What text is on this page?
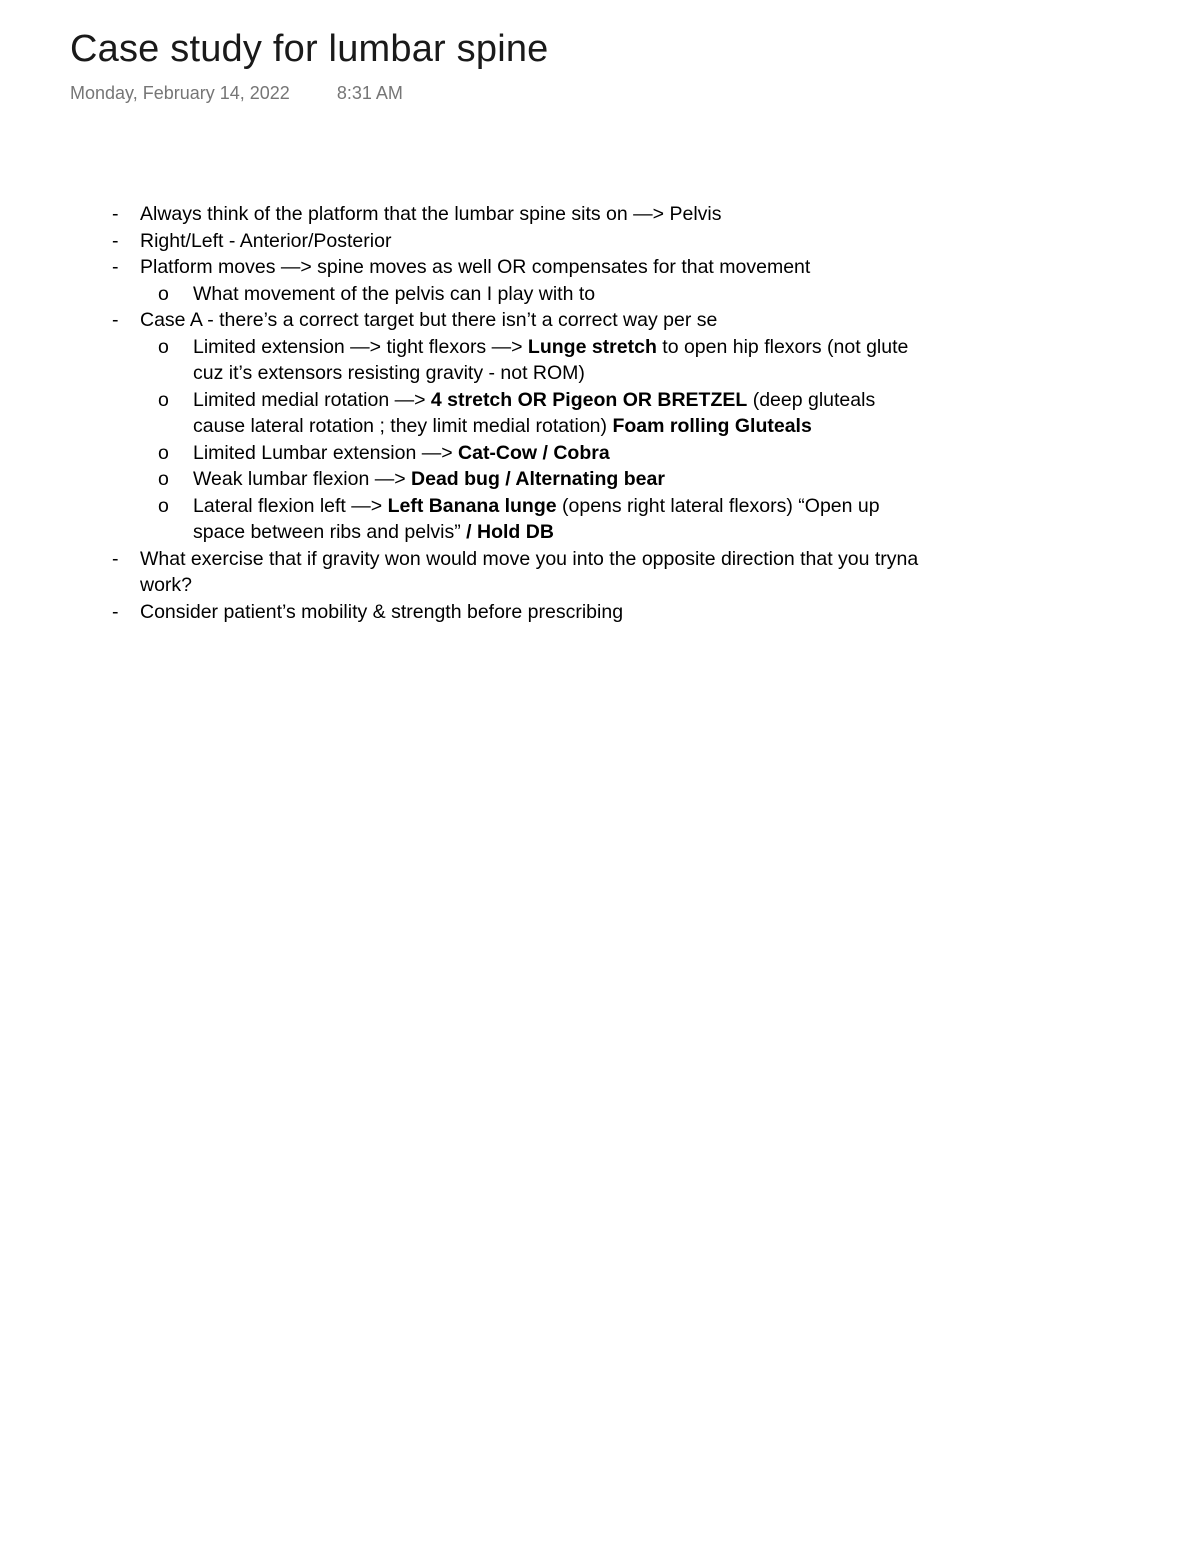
Case study for lumbar spine
Monday, February 14, 2022	8:31 AM
- Always think of the platform that the lumbar spine sits on —> Pelvis
- Right/Left - Anterior/Posterior
- Platform moves —> spine moves as well OR compensates for that movement
o What movement of the pelvis can I play with to
- Case A - there’s a correct target but there isn’t a correct way per se
o Limited extension —> tight flexors —> Lunge stretch to open hip flexors (not glute cuz it’s extensors resisting gravity - not ROM)
o Limited medial rotation —> 4 stretch OR Pigeon OR BRETZEL (deep gluteals cause lateral rotation ; they limit medial rotation) Foam rolling Gluteals
o Limited Lumbar extension —> Cat-Cow / Cobra
o Weak lumbar flexion —> Dead bug / Alternating bear
o Lateral flexion left —> Left Banana lunge (opens right lateral flexors) “Open up space between ribs and pelvis” / Hold DB
- What exercise that if gravity won would move you into the opposite direction that you tryna work?
- Consider patient’s mobility & strength before prescribing
